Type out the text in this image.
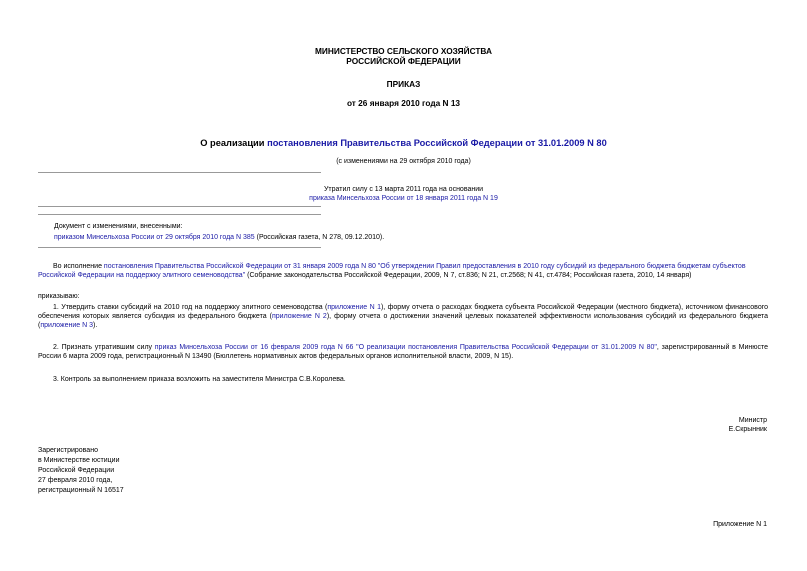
МИНИСТЕРСТВО СЕЛЬСКОГО ХОЗЯЙСТВА
РОССИЙСКОЙ ФЕДЕРАЦИИ
ПРИКАЗ
от 26 января 2010 года N 13
О реализации постановления Правительства Российской Федерации от 31.01.2009 N 80
(с изменениями на 29 октября 2010 года)
Утратил силу с 13 марта 2011 года на основании
приказа Минсельхоза России от 18 января 2011 года N 19
Документ с изменениями, внесенными:
приказом Минсельхоза России от 29 октября 2010 года N 385 (Российская газета, N 278, 09.12.2010).

Во исполнение постановления Правительства Российской Федерации от 31 января 2009 года N 80 "Об утверждении Правил предоставления в 2010 году субсидий из федерального бюджета бюджетам субъектов Российской Федерации на поддержку элитного семеноводства" (Собрание законодательства Российской Федерации, 2009, N 7, ст.836; N 21, ст.2568; N 41, ст.4784; Российская газета, 2010, 14 января)

приказываю:

1. Утвердить ставки субсидий на 2010 год на поддержку элитного семеноводства (приложение N 1), форму отчета о расходах бюджета субъекта Российской Федерации (местного бюджета), источником финансового обеспечения которых является субсидия из федерального бюджета (приложение N 2), форму отчета о достижении значений целевых показателей эффективности использования субсидий из федерального бюджета (приложение N 3).

2. Признать утратившим силу приказ Минсельхоза России от 16 февраля 2009 года N 66 "О реализации постановления Правительства Российской Федерации от 31.01.2009 N 80", зарегистрированный в Минюсте России 6 марта 2009 года, регистрационный N 13490 (Бюллетень нормативных актов федеральных органов исполнительной власти, 2009, N 15).

3. Контроль за выполнением приказа возложить на заместителя Министра С.В.Королева.

Министр
Е.Скрынник
Зарегистрировано
в Министерстве юстиции
Российской Федерации
27 февраля 2010 года,
регистрационный N 16517
Приложение N 1
